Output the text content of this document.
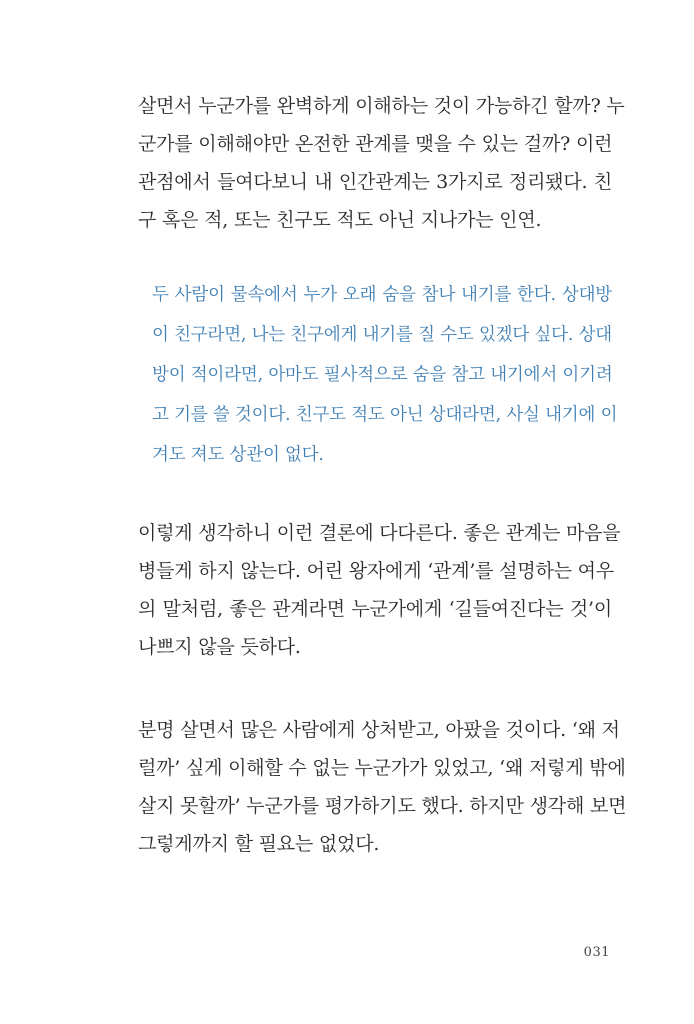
살면서 누군가를 완벽하게 이해하는 것이 가능하긴 할까? 누
군가를 이해해야만 온전한 관계를 맺을 수 있는 걸까? 이런
관점에서 들여다보니 내 인간관계는 3가지로 정리됐다. 친
구 혹은 적, 또는 친구도 적도 아닌 지나가는 인연.
두 사람이 물속에서 누가 오래 숨을 참나 내기를 한다. 상대방
이 친구라면, 나는 친구에게 내기를 질 수도 있겠다 싶다. 상대
방이 적이라면, 아마도 필사적으로 숨을 참고 내기에서 이기려
고 기를 쓸 것이다. 친구도 적도 아닌 상대라면, 사실 내기에 이
겨도 져도 상관이 없다.
이렇게 생각하니 이런 결론에 다다른다. 좋은 관계는 마음을
병들게 하지 않는다. 어린 왕자에게 ‘관계’를 설명하는 여우
의 말처럼, 좋은 관계라면 누군가에게 ‘길들여진다는 것’이
나쁘지 않을 듯하다.
분명 살면서 많은 사람에게 상처받고, 아팠을 것이다. ‘왜 저
럴까’ 싶게 이해할 수 없는 누군가가 있었고, ‘왜 저렇게 밖에
살지 못할까’ 누군가를 평가하기도 했다. 하지만 생각해 보면
그렇게까지 할 필요는 없었다.
031
